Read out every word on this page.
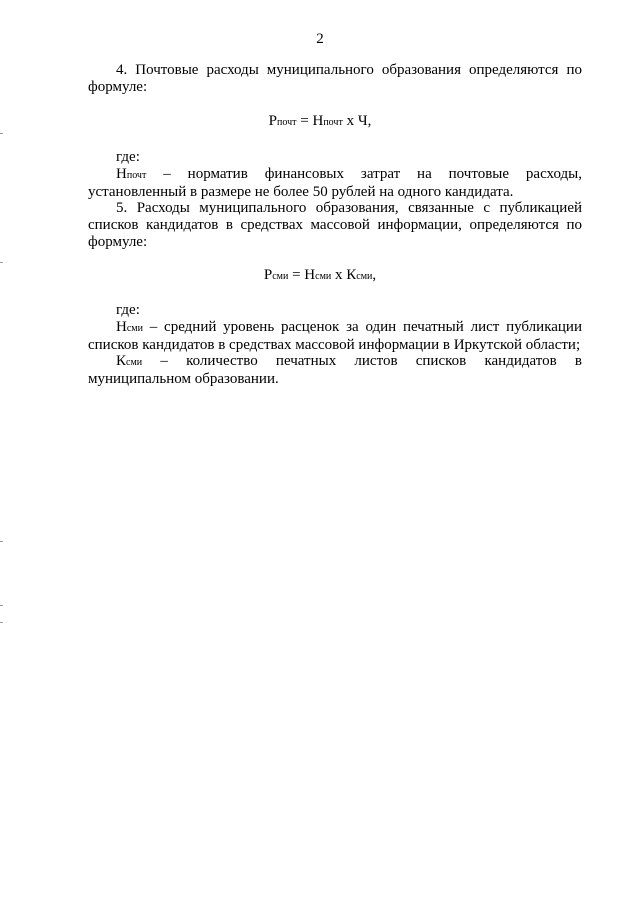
2
4. Почтовые расходы муниципального образования определяются по формуле:
Рпочт = Нпочт x Ч,
где:
Нпочт – норматив финансовых затрат на почтовые расходы, установленный в размере не более 50 рублей на одного кандидата.
5. Расходы муниципального образования, связанные с публикацией списков кандидатов в средствах массовой информации, определяются по формуле:
Рсми = Нсми x Ксми,
где:
Нсми – средний уровень расценок за один печатный лист публикации списков кандидатов в средствах массовой информации в Иркутской области;
Ксми – количество печатных листов списков кандидатов в муниципальном образовании.
